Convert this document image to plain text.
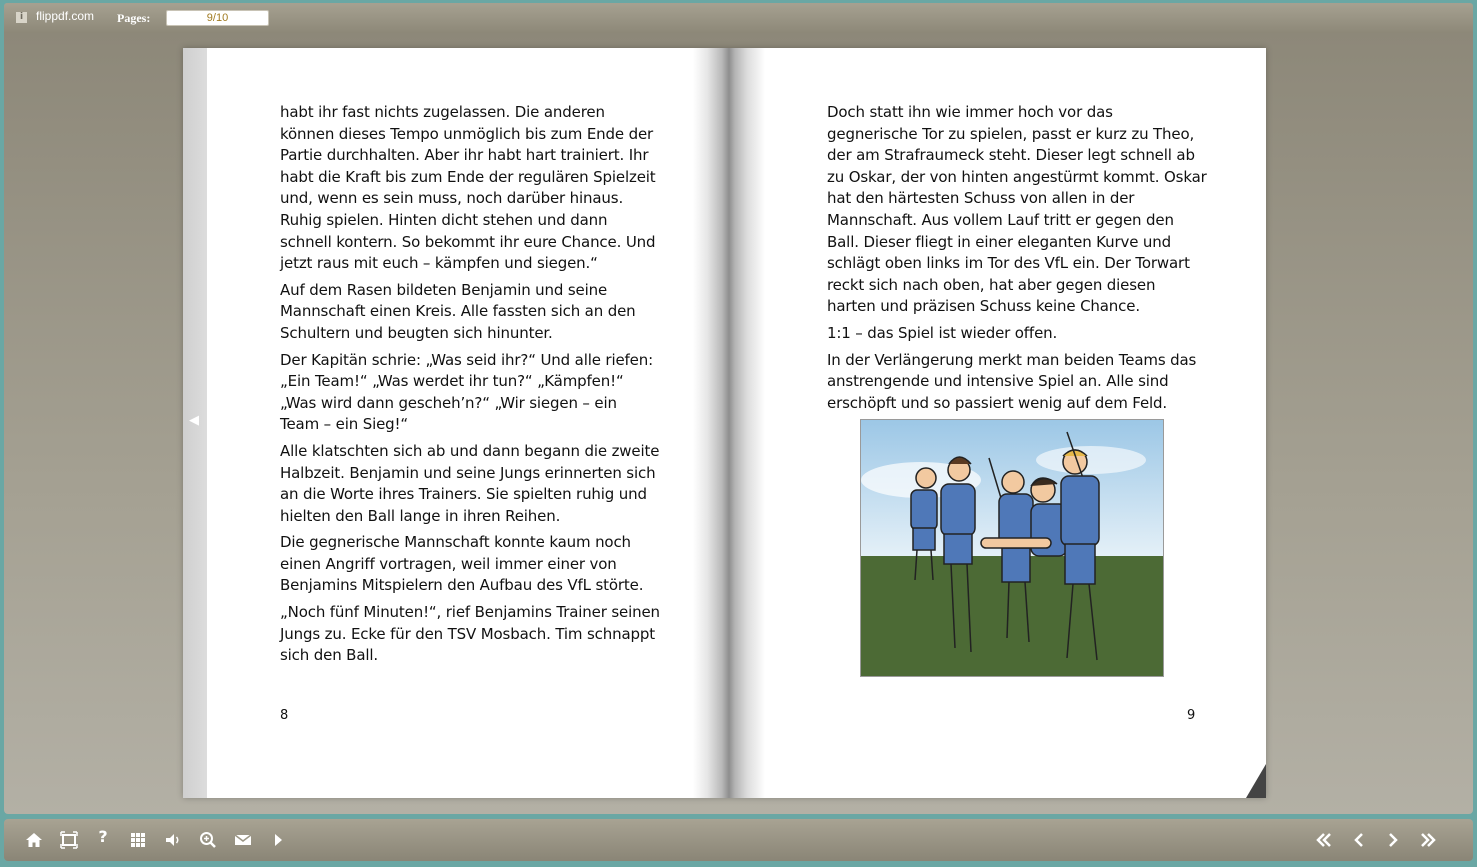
i	flippdf.com Pages:
9/10
◀

habt ihr fast nichts zugelassen. Die anderen können dieses Tempo unmöglich bis zum Ende der Partie durchhalten. Aber ihr habt hart trainiert. Ihr habt die Kraft bis zum Ende der regulären Spielzeit und, wenn es sein muss, noch darüber hinaus. Ruhig spielen. Hinten dicht stehen und dann schnell kontern. So bekommt ihr eure Chance. Und jetzt raus mit euch – kämpfen und siegen.“

Auf dem Rasen bildeten Benjamin und seine Mannschaft einen Kreis. Alle fassten sich an den Schultern und beugten sich hinunter.

Der Kapitän schrie: „Was seid ihr?“ Und alle riefen: „Ein Team!“ „Was werdet ihr tun?“ „Kämpfen!“ „Was wird dann gescheh’n?“ „Wir siegen – ein Team – ein Sieg!“

Alle klatschten sich ab und dann begann die zweite Halbzeit. Benjamin und seine Jungs erinnerten sich an die Worte ihres Trainers. Sie spielten ruhig und hielten den Ball lange in ihren Reihen.

Die gegnerische Mannschaft konnte kaum noch einen Angriff vortragen, weil immer einer von Benjamins Mitspielern den Aufbau des VfL störte.

„Noch fünf Minuten!“, rief Benjamins Trainer seinen Jungs zu. Ecke für den TSV Mosbach. Tim schnappt sich den Ball.

8

Doch statt ihn wie immer hoch vor das gegnerische Tor zu spielen, passt er kurz zu Theo, der am Strafraumeck steht. Dieser legt schnell ab zu Oskar, der von hinten angestürmt kommt. Oskar hat den härtesten Schuss von allen in der Mannschaft. Aus vollem Lauf tritt er gegen den Ball. Dieser fliegt in einer eleganten Kurve und schlägt oben links im Tor des VfL ein. Der Torwart reckt sich nach oben, hat aber gegen diesen harten und präzisen Schuss keine Chance.

1:1 – das Spiel ist wieder offen.

In der Verlängerung merkt man beiden Teams das anstrengende und intensive Spiel an. Alle sind erschöpft und so passiert wenig auf dem Feld.

9
?
